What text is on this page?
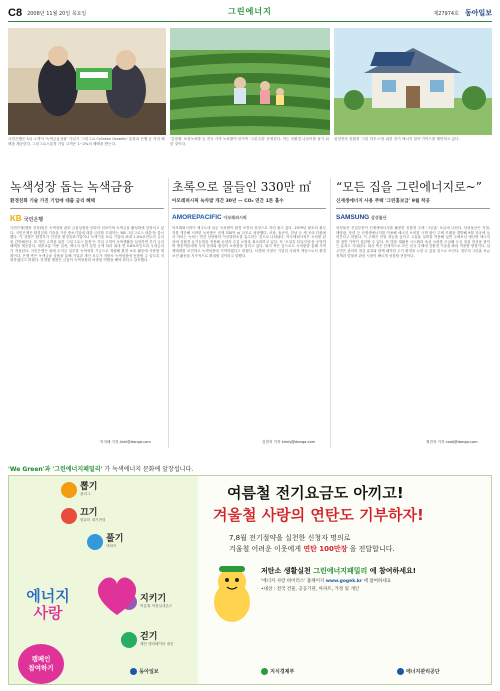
C8 2008년 11월 20일 목요일	그린에너지	제27974호 동아일보
국민은행은 5일 고객이 '녹색금융상품' 가입시 '그린그로스(Green Growth)' 통장과 은행 등 가지 혜택을 제공한다. 그린그로스통장 가입 고객은 1~2%의 혜택을 받는다.
'김장철' 보성녹차밭 등 전국 가족 녹차밭이 한가족 '그린주말' 운영한다. 이는 친환경 나들이를 돕기 위한 것이다.
삼성전자 친환경 '그린 하우스'를 위한 전기 에너지 절약 가이드를 제안하고 있다.
녹색성장 돕는 녹색금융
환경친화 기술 가진 기업에 대출 금리 혜택
KB 국민은행
국민은행(행장 강정원)은 녹색성장 관련 금융상품을 잇따라 선보이며 녹색금융 활성화에 앞장서고 있다. 국민은행은 환경친화 기술을 가진 중소기업에 대출 금리를 우대하는 'KB 그린그로스 대출'을 출시했다. 이 상품은 환경부가 인증한 환경친화기업이나 녹색기술 보유 기업에 최대 1.0%포인트의 금리를 감면해준다. 또 개인 고객을 위한 '그린그로스 통장'은 가입 고객이 녹색생활을 실천하면 추가 금리 혜택을 제공한다. 대중교통 이용 실적, 에너지 절약 실천 등에 따라 최대 연 0.6%포인트의 우대금리가 적용된다. 국민은행은 판매 수익금 일부를 녹색성장 기금으로 적립해 환경 보호 활동에 사용할 계획이다. 은행 측은 녹색금융 상품을 통해 기업과 개인 모두가 저탄소 녹색성장에 동참할 수 있도록 지원하겠다고 밝혔다. 강정원 행장은 금융이 녹색성장의 마중물 역할을 해야 한다고 강조했다.
이지혜 기자 jinhi@donga.com
초록으로 물들인 330만 ㎡
아모레퍼시픽 녹차밭 개간 30년 — CO₂ 연간 1톤 흡수
AMOREPACIFIC 아모레퍼시픽
아모레퍼시픽이 제주도에 일군 녹차밭이 환경 보전의 상징으로 자리 잡고 있다. 1979년 불모의 황무지를 개간해 시작한 녹차밭은 현재 330만 ㎡ 규모로 성장했다. 서광, 돌송이, 한남 등 세 곳의 다원에서 자라는 녹차는 연간 상당량의 이산화탄소를 흡수하는 것으로 나타났다. 아모레퍼시픽은 녹차밭 관리에 친환경 유기농법을 적용해 토양과 수질 오염을 최소화하고 있다. 또 '오설록 티뮤지엄'을 운영하며 방문객들에게 녹차 문화와 환경의 소중함을 알리고 있다. 회사 측은 앞으로도 녹차밭을 통해 지역 생태계를 보전하고 녹색성장에 기여하겠다고 밝혔다. 서경배 사장은 기업의 사회적 책임으로서 환경 보전 활동을 지속적으로 확대할 것이라고 말했다.
김현지 기자 kimhj@donga.com
“모든 집을 그린에너지로~”
신재생에너지 사용 주택 '그린홈보급' 9월 착공
SAMSUNG 삼성물산
삼성물산 건설부문이 신재생에너지를 활용한 친환경 주택 '그린홈' 보급에 나선다. 삼성물산은 지열, 태양광, 풍력 등 신재생에너지를 이용해 에너지 소비를 크게 줄인 주택 모델을 개발해 9월 착공에 들어간다고 밝혔다. 이 주택은 단열 성능을 높이고 고효율 설비를 적용해 일반 주택보다 냉난방 에너지를 절반 가까이 절감할 수 있다. 또 빗물 재활용 시스템과 옥상 녹화를 도입해 도심 열섬 현상을 줄이는 효과도 기대된다. 회사 측은 단계적으로 모든 신규 주택에 친환경 기술을 확대 적용할 방침이다. 입주민은 관리비 절감 효과와 함께 쾌적한 주거 환경을 누릴 수 있을 것으로 보인다. 정부의 그린홈 보급 정책과 맞물려 관련 시장이 빠르게 성장할 전망이다.
정진욱 기자 coolj@donga.com
'We Green'과 '그린에너지패밀리' 가 녹색에너지 문화에 앞장섭니다.
뽑기
플러그
끄기
컴퓨터 대기전력
풀기
넥타이
지키기
여름철 적정실내온도
걷기
계단 엘리베이터 대신
에너지
사랑
캠페인
참여하기
여름철 전기요금도 아끼고!
겨울철 사랑의 연탄도 기부하자!
7,8월 전기절약을 실천한 신청자 명의로
겨울철 어려운 이웃에게 연탄 100만장 을 전달합니다.
저탄소 생활실천 그린에너지패밀리 에 참여하세요!
'에너지 사랑 바이러스' 홈페이지 www.gogek.kr 에 참여하세요
•대상 : 전국 건물, 공공기관, 아파트, 가정 및 개인
동아일보	지식경제부	에너지관리공단
